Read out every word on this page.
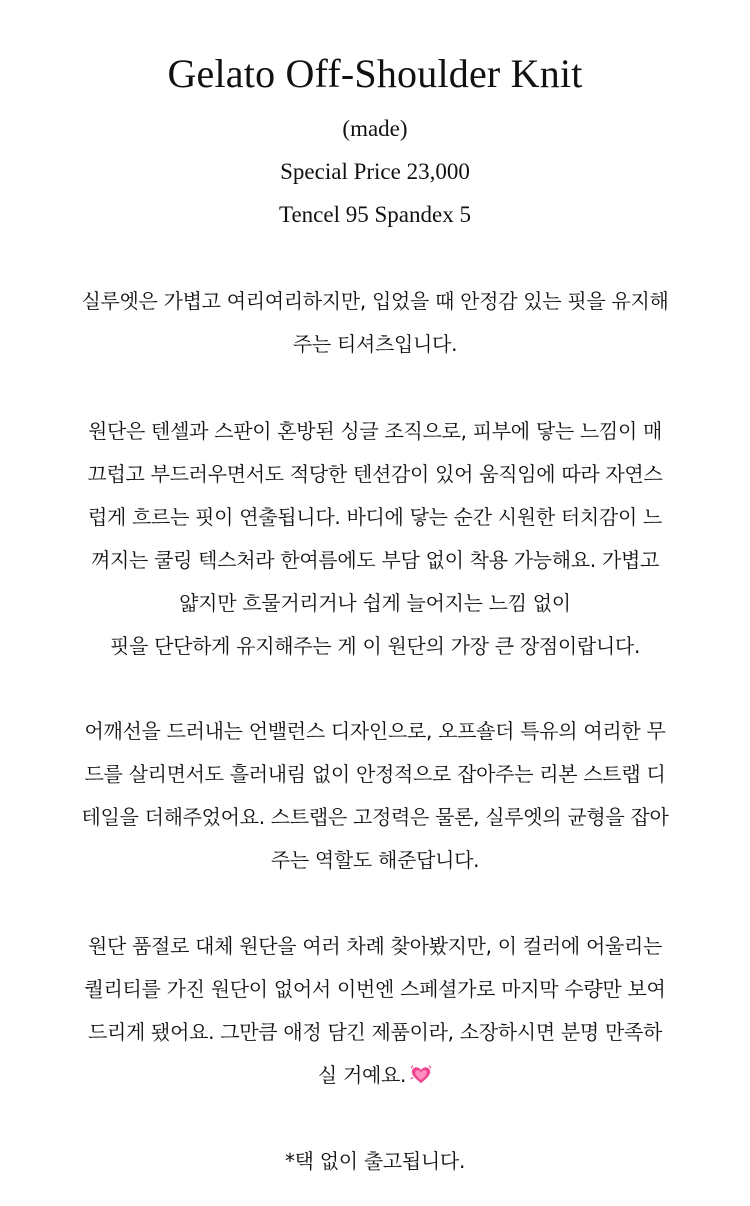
Gelato Off-Shoulder Knit

(made)

Special Price 23,000

Tencel 95 Spandex 5

실루엣은 가볍고 여리여리하지만, 입었을 때 안정감 있는 핏을 유지해
주는 티셔츠입니다.

원단은 텐셀과 스판이 혼방된 싱글 조직으로, 피부에 닿는 느낌이 매
끄럽고 부드러우면서도 적당한 텐션감이 있어 움직임에 따라 자연스
럽게 흐르는 핏이 연출됩니다. 바디에 닿는 순간 시원한 터치감이 느
껴지는 쿨링 텍스처라 한여름에도 부담 없이 착용 가능해요. 가볍고
얇지만 흐물거리거나 쉽게 늘어지는 느낌 없이
핏을 단단하게 유지해주는 게 이 원단의 가장 큰 장점이랍니다.

어깨선을 드러내는 언밸런스 디자인으로, 오프숄더 특유의 여리한 무
드를 살리면서도 흘러내림 없이 안정적으로 잡아주는 리본 스트랩 디
테일을 더해주었어요. 스트랩은 고정력은 물론, 실루엣의 균형을 잡아
주는 역할도 해준답니다.

원단 품절로 대체 원단을 여러 차례 찾아봤지만, 이 컬러에 어울리는
퀄리티를 가진 원단이 없어서 이번엔 스페셜가로 마지막 수량만 보여
드리게 됐어요. 그만큼 애정 담긴 제품이라, 소장하시면 분명 만족하
실 거예요.

*택 없이 출고됩니다.
